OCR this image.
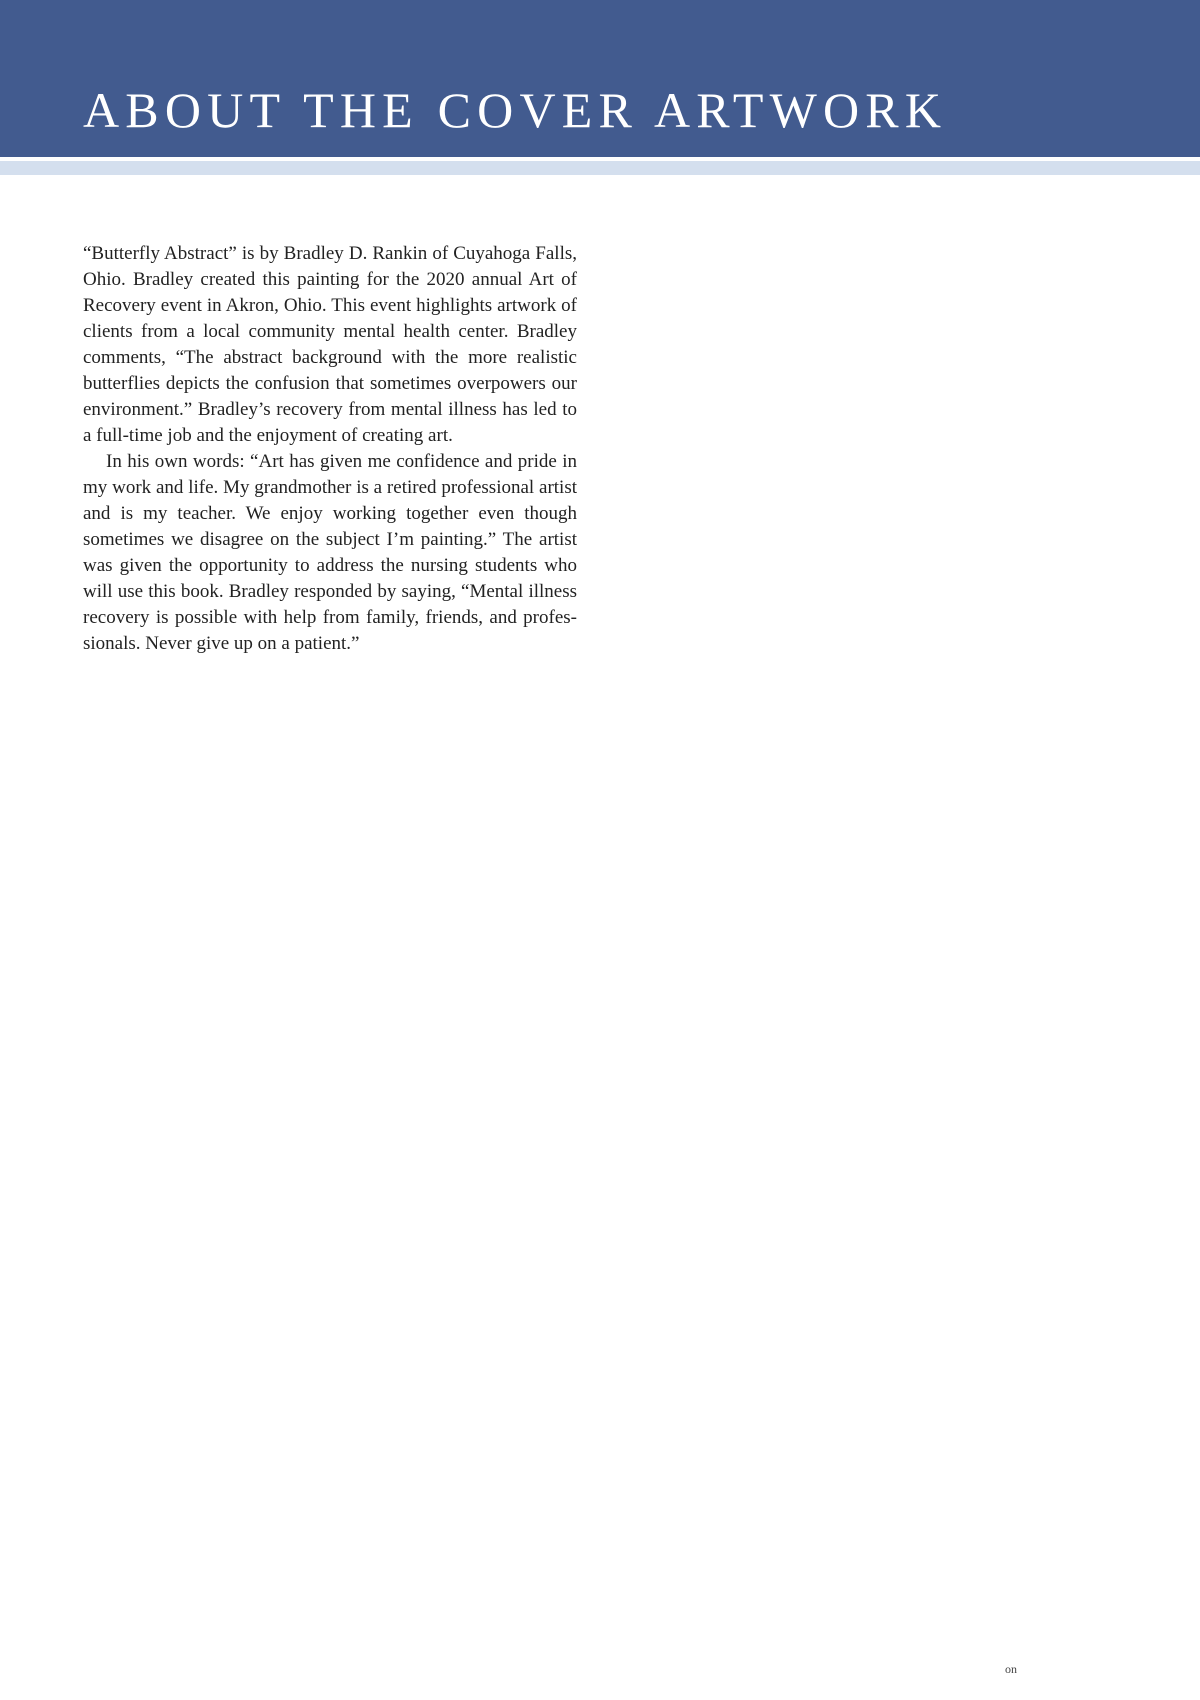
ABOUT THE COVER ARTWORK

“Butterfly Abstract” is by Bradley D. Rankin of Cuyahoga Falls, Ohio. Bradley created this painting for the 2020 annual Art of Recovery event in Akron, Ohio. This event highlights artwork of clients from a local community mental health center. Bradley comments, “The abstract background with the more realistic butterflies depicts the confusion that sometimes overpowers our environment.” Bradley’s recovery from mental illness has led to a full-time job and the enjoyment of creating art.

In his own words: “Art has given me confidence and pride in my work and life. My grandmother is a retired professional artist and is my teacher. We enjoy working together even though sometimes we disagree on the subject I’m painting.” The artist was given the opportunity to address the nursing students who will use this book. Bradley responded by saying, “Mental illness recovery is possible with help from family, friends, and professionals. Never give up on a patient.”

on
